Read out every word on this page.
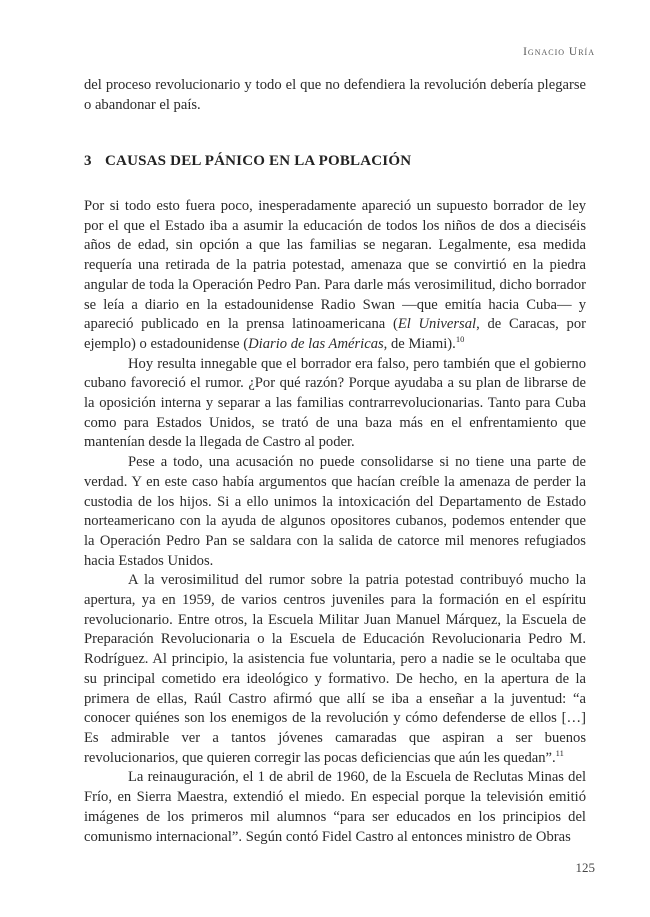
Ignacio Uría

del proceso revolucionario y todo el que no defendiera la revolución debería plegarse o abandonar el país.

3 CAUSAS DEL PÁNICO EN LA POBLACIÓN

Por si todo esto fuera poco, inesperadamente apareció un supuesto borrador de ley por el que el Estado iba a asumir la educación de todos los niños de dos a dieciséis años de edad, sin opción a que las familias se negaran. Legalmente, esa medida requería una retirada de la patria potestad, amenaza que se convirtió en la piedra angular de toda la Operación Pedro Pan. Para darle más verosimilitud, dicho borrador se leía a diario en la estadounidense Radio Swan —que emitía hacia Cuba— y apareció publicado en la prensa latinoamericana (El Universal, de Caracas, por ejemplo) o estadounidense (Diario de las Américas, de Miami).$^{10}$

Hoy resulta innegable que el borrador era falso, pero también que el gobierno cubano favoreció el rumor. ¿Por qué razón? Porque ayudaba a su plan de librarse de la oposición interna y separar a las familias contrarrevolucionarias. Tanto para Cuba como para Estados Unidos, se trató de una baza más en el enfrentamiento que mantenían desde la llegada de Castro al poder.

Pese a todo, una acusación no puede consolidarse si no tiene una parte de verdad. Y en este caso había argumentos que hacían creíble la amenaza de perder la custodia de los hijos. Si a ello unimos la intoxicación del Departamento de Estado norteamericano con la ayuda de algunos opositores cubanos, podemos entender que la Operación Pedro Pan se saldara con la salida de catorce mil menores refugiados hacia Estados Unidos.

A la verosimilitud del rumor sobre la patria potestad contribuyó mucho la apertura, ya en 1959, de varios centros juveniles para la formación en el espíritu revolucionario. Entre otros, la Escuela Militar Juan Manuel Márquez, la Escuela de Preparación Revolucionaria o la Escuela de Educación Revolucionaria Pedro M. Rodríguez. Al principio, la asistencia fue voluntaria, pero a nadie se le ocultaba que su principal cometido era ideológico y formativo. De hecho, en la apertura de la primera de ellas, Raúl Castro afirmó que allí se iba a enseñar a la juventud: “a conocer quiénes son los enemigos de la revolución y cómo defenderse de ellos […] Es admirable ver a tantos jóvenes camaradas que aspiran a ser buenos revolucionarios, que quieren corregir las pocas deficiencias que aún les quedan”.$^{11}$

La reinauguración, el 1 de abril de 1960, de la Escuela de Reclutas Minas del Frío, en Sierra Maestra, extendió el miedo. En especial porque la televisión emitió imágenes de los primeros mil alumnos “para ser educados en los principios del comunismo internacional”. Según contó Fidel Castro al entonces ministro de Obras

125
